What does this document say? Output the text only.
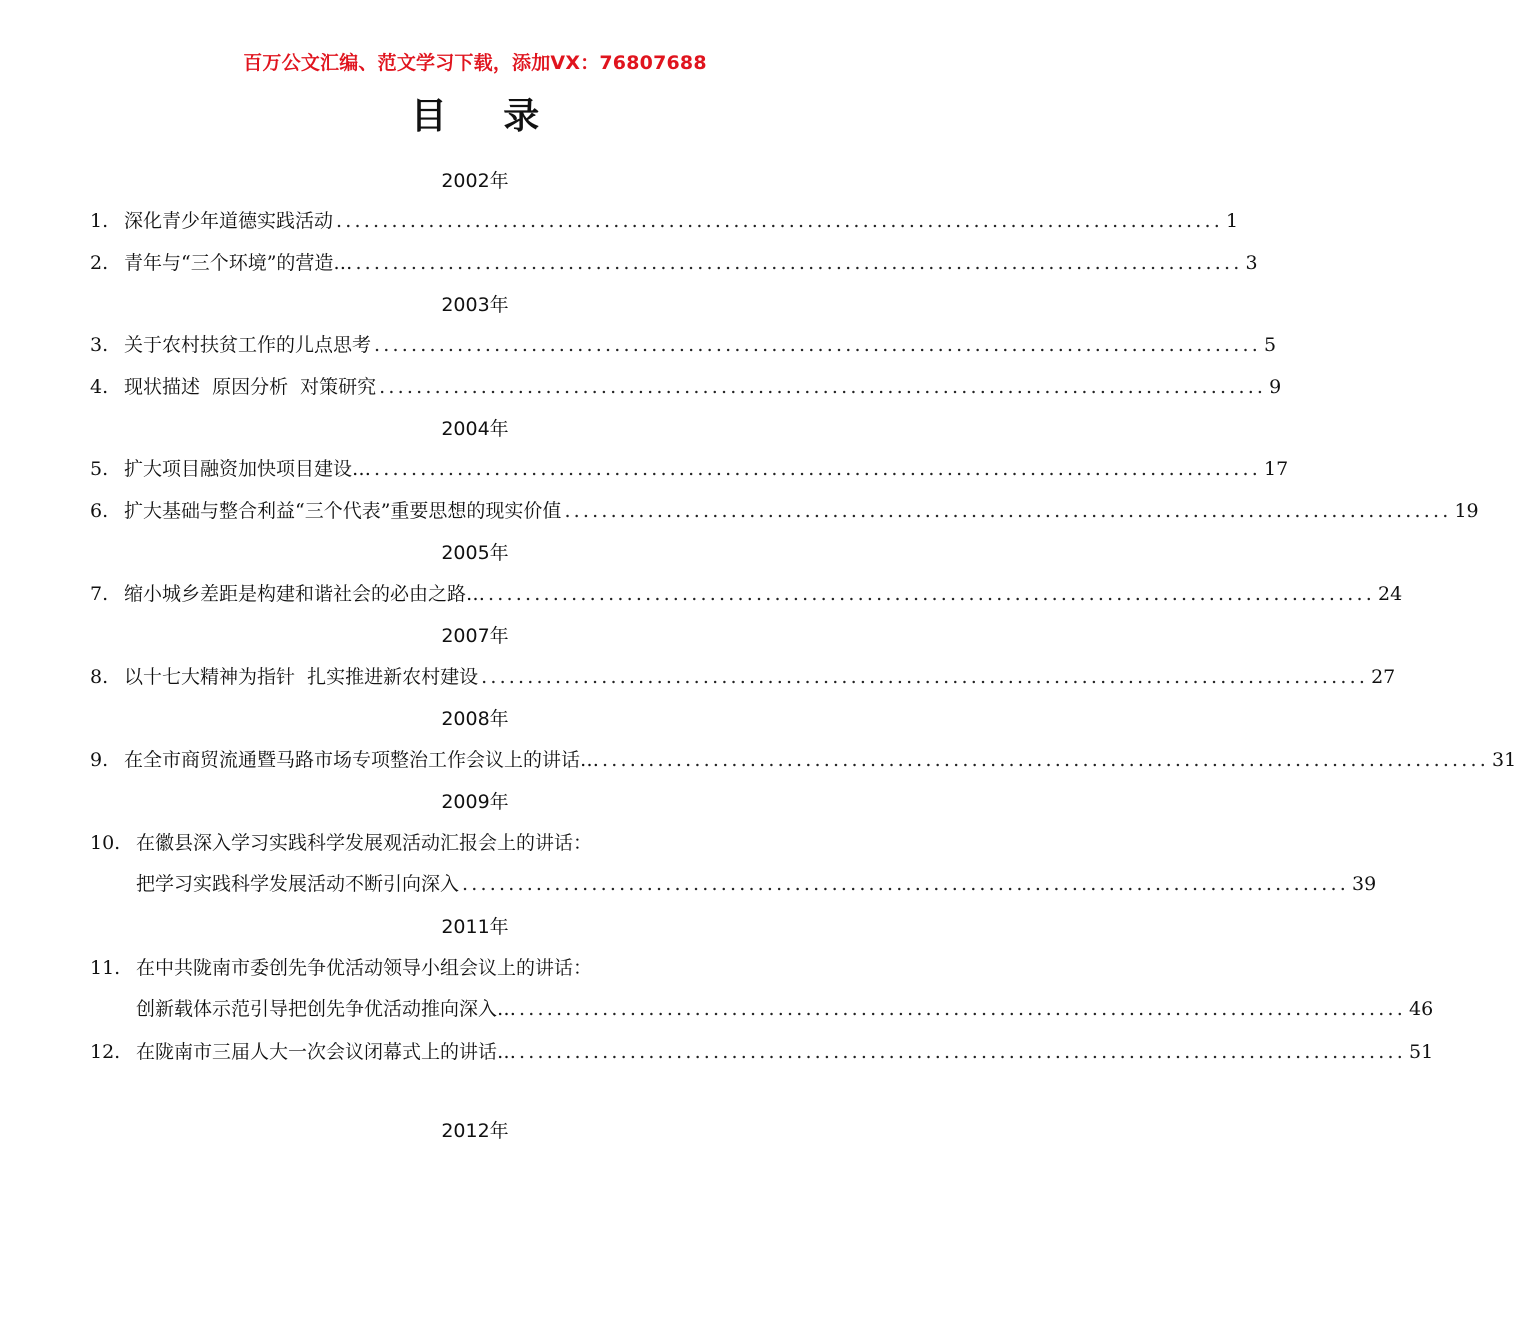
百万公文汇编、范文学习下载，添加VX：76807688
目 录
2002年
1. 深化青少年道德实践活动 ................................................................................................ 1
2. 青年与“三个环境”的营造… ................................................................................................ 3
2003年
3. 关于农村扶贫工作的儿点思考 ................................................................................................ 5
4. 现状描述  原因分析  对策研究 ................................................................................................ 9
2004年
5. 扩大项目融资加快项目建设… ................................................................................................ 17
6. 扩大基础与整合利益“三个代表”重要思想的现实价值 ................................................................................................ 19
2005年
7. 缩小城乡差距是构建和谐社会的必由之路… ................................................................................................ 24
2007年
8. 以十七大精神为指针  扎实推进新农村建设 ................................................................................................ 27
2008年
9. 在全市商贸流通暨马路市场专项整治工作会议上的讲话… ................................................................................................ 31
2009年
10. 在徽县深入学习实践科学发展观活动汇报会上的讲话：
把学习实践科学发展活动不断引向深入 ................................................................................................ 39
2011年
11. 在中共陇南市委创先争优活动领导小组会议上的讲话：
创新载体示范引导把创先争优活动推向深入… ................................................................................................ 46
12. 在陇南市三届人大一次会议闭幕式上的讲话… ................................................................................................ 51
2012年
